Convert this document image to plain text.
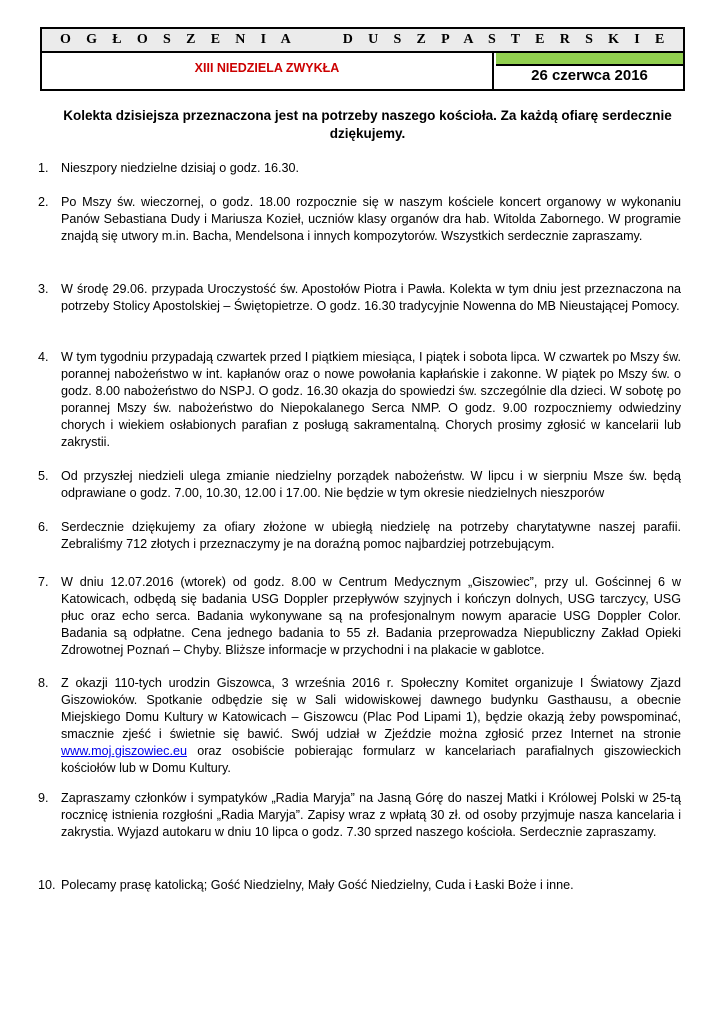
O G Ł O S Z E N I A     D U S Z P A S T E R S K I E
XIII NIEDZIELA ZWYKŁA	26 czerwca 2016
Kolekta dzisiejsza przeznaczona jest na potrzeby naszego kościoła. Za każdą ofiarę serdecznie dziękujemy.
1. Nieszpory niedzielne dzisiaj o godz. 16.30.
2. Po Mszy św. wieczornej, o godz. 18.00 rozpocznie się w naszym kościele koncert organowy w wykonaniu Panów Sebastiana Dudy i Mariusza Kozieł, uczniów klasy organów dra hab. Witolda Zabornego. W programie znajdą się utwory m.in. Bacha, Mendelsona i innych kompozytorów. Wszystkich serdecznie zapraszamy.
3. W środę 29.06. przypada Uroczystość św. Apostołów Piotra i Pawła. Kolekta w tym dniu jest przeznaczona na potrzeby Stolicy Apostolskiej – Świętopietrze. O godz. 16.30 tradycyjnie Nowenna do MB Nieustającej Pomocy.
4. W tym tygodniu przypadają czwartek przed I piątkiem miesiąca, I piątek i sobota lipca. W czwartek po Mszy św. porannej nabożeństwo w int. kapłanów oraz o nowe powołania kapłańskie i zakonne. W piątek po Mszy św. o godz. 8.00 nabożeństwo do NSPJ. O godz. 16.30 okazja do spowiedzi św. szczególnie dla dzieci. W sobotę po porannej Mszy św. nabożeństwo do Niepokalanego Serca NMP. O godz. 9.00 rozpoczniemy odwiedziny chorych i wiekiem osłabionych parafian z posługą sakramentalną. Chorych prosimy zgłosić w kancelarii lub zakrystii.
5. Od przyszłej niedzieli ulega zmianie niedzielny porządek nabożeństw. W lipcu i w sierpniu Msze św. będą odprawiane o godz. 7.00, 10.30, 12.00 i 17.00. Nie będzie w tym okresie niedzielnych nieszporów
6. Serdecznie dziękujemy za ofiary złożone w ubiegłą niedzielę na potrzeby charytatywne naszej parafii. Zebraliśmy 712 złotych i przeznaczymy je na doraźną pomoc najbardziej potrzebującym.
7. W dniu 12.07.2016 (wtorek) od godz. 8.00 w Centrum Medycznym „Giszowiec”, przy ul. Gościnnej 6 w Katowicach, odbędą się badania USG Doppler przepływów szyjnych i kończyn dolnych, USG tarczycy, USG płuc oraz echo serca. Badania wykonywane są na profesjonalnym nowym aparacie USG Doppler Color. Badania są odpłatne. Cena jednego badania to 55 zł. Badania przeprowadza Niepubliczny Zakład Opieki Zdrowotnej Poznań – Chyby. Bliższe informacje w przychodni i na plakacie w gablotce.
8. Z okazji 110-tych urodzin Giszowca, 3 września 2016 r. Społeczny Komitet organizuje I Światowy Zjazd Giszowioków. Spotkanie odbędzie się w Sali widowiskowej dawnego budynku Gasthausu, a obecnie Miejskiego Domu Kultury w Katowicach – Giszowcu (Plac Pod Lipami 1), będzie okazją żeby powspominać, smacznie zjeść i świetnie się bawić. Swój udział w Zjeździe można zgłosić przez Internet na stronie www.moj.giszowiec.eu oraz osobiście pobierając formularz w kancelariach parafialnych giszowieckich kościołów lub w Domu Kultury.
9. Zapraszamy członków i sympatyków „Radia Maryja” na Jasną Górę do naszej Matki i Królowej Polski w 25-tą rocznicę istnienia rozgłośni „Radia Maryja”. Zapisy wraz z wpłatą 30 zł. od osoby przyjmuje nasza kancelaria i zakrystia. Wyjazd autokaru w dniu 10 lipca o godz. 7.30 sprzed naszego kościoła. Serdecznie zapraszamy.
10. Polecamy prasę katolicką; Gość Niedzielny, Mały Gość Niedzielny, Cuda i Łaski Boże i inne.
